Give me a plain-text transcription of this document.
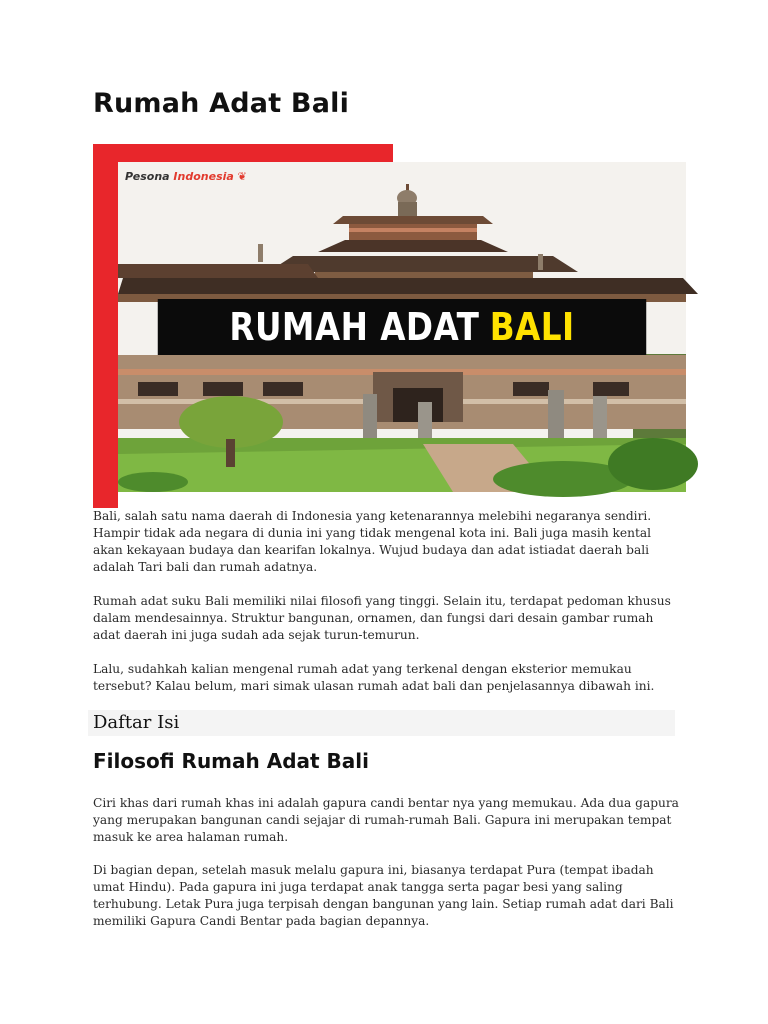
Rumah Adat Bali
Pesona Indonesia ❦
RUMAH ADAT BALI

Bali, salah satu nama daerah di Indonesia yang ketenarannya melebihi negaranya sendiri. Hampir tidak ada negara di dunia ini yang tidak mengenal kota ini. Bali juga masih kental akan kekayaan budaya dan kearifan lokalnya. Wujud budaya dan adat istiadat daerah bali adalah Tari bali dan rumah adatnya.

Rumah adat suku Bali memiliki nilai filosofi yang tinggi. Selain itu, terdapat pedoman khusus dalam mendesainnya. Struktur bangunan, ornamen, dan fungsi dari desain gambar rumah adat daerah ini juga sudah ada sejak turun-temurun.

Lalu, sudahkah kalian mengenal rumah adat yang terkenal dengan eksterior memukau tersebut? Kalau belum, mari simak ulasan rumah adat bali dan penjelasannya dibawah ini.

Daftar Isi
Filosofi Rumah Adat Bali

Ciri khas dari rumah khas ini adalah gapura candi bentar nya yang memukau. Ada dua gapura yang merupakan bangunan candi sejajar di rumah-rumah Bali. Gapura ini merupakan tempat masuk ke area halaman rumah.

Di bagian depan, setelah masuk melalu gapura ini, biasanya terdapat Pura (tempat ibadah umat Hindu). Pada gapura ini juga terdapat anak tangga serta pagar besi yang saling terhubung. Letak Pura juga terpisah dengan bangunan yang lain. Setiap rumah adat dari Bali memiliki Gapura Candi Bentar pada bagian depannya.
